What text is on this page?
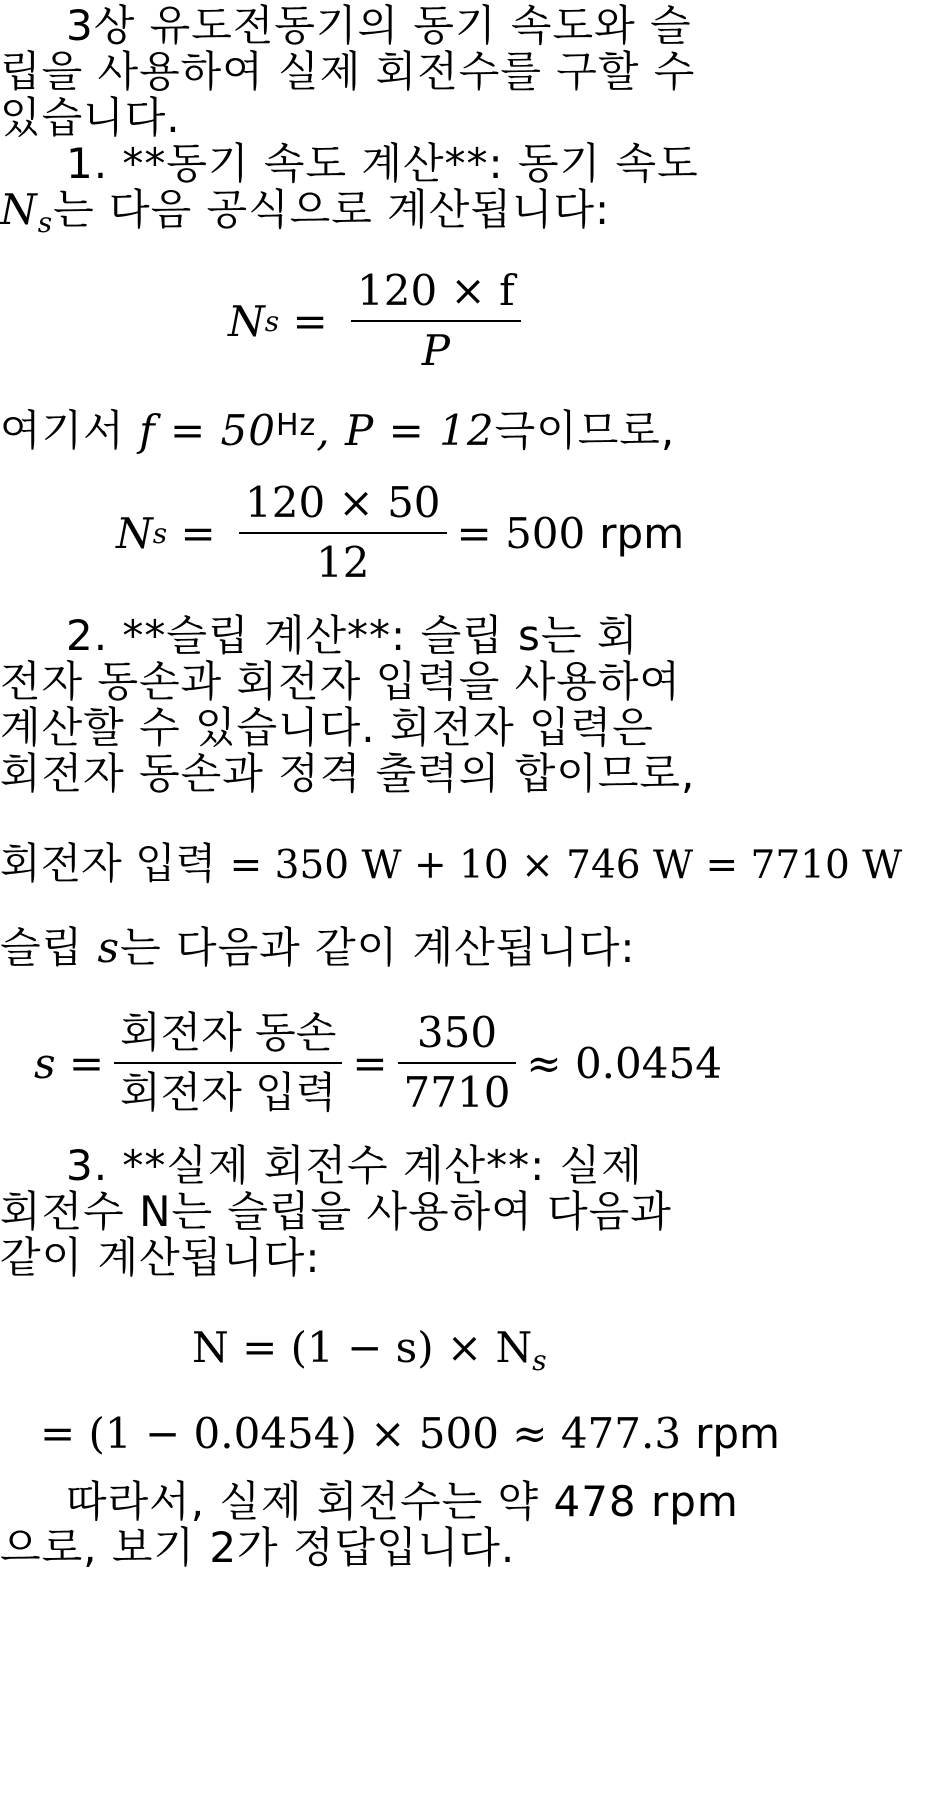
3상 유도전동기의 동기 속도와 슬
립을 사용하여 실제 회전수를 구할 수
있습니다.
1. **동기 속도 계산**: 동기 속도
$N_s$는 다음 공식으로 계산됩니다:
N $s = \frac{120 \times f}{P}$
여기서 $f = 50^{Hz}$, P = 12극이므로,
N $s = \frac{120 \times 50}{12} = 500$ rpm
2. **슬립 계산**: 슬립 s는 회
전자 동손과 회전자 입력을 사용하여
계산할 수 있습니다. 회전자 입력은
회전자 동손과 정격 출력의 합이므로,
회전자 입력 = 350 W + 10 × 746 W = 7710 W
슬립 s는 다음과 같이 계산됩니다:
$s = \frac{\text{회전자 동손}}{\text{회전자 입력}} = \frac{350}{7710} \approx 0.0454$
3. **실제 회전수 계산**: 실제
회전수 N는 슬립을 사용하여 다음과
같이 계산됩니다:
$N = (1 - s) \times N_s$
= (1 − 0.0454) × 500 ≈ 477.3 rpm
따라서, 실제 회전수는 약 478 rpm
으로, 보기 2가 정답입니다.
